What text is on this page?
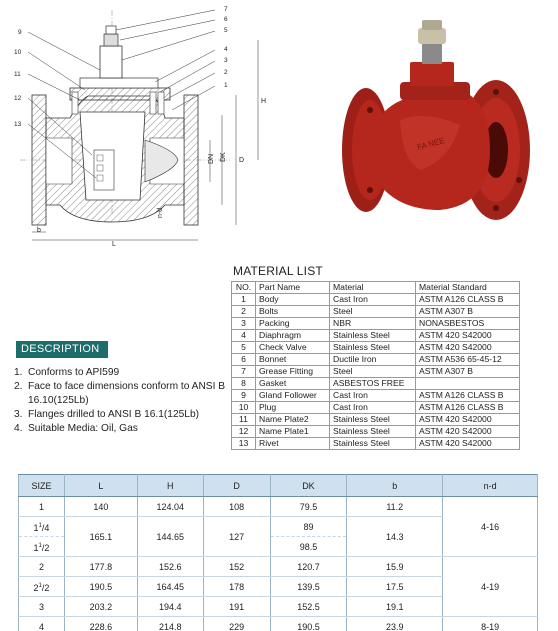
7
6
5
9
10
11
12
13
4
3
2
1
H
D
DK
DN
n-d
b
L
FA NEE
MATERIAL LIST
NO.	Part Name	Material	Material Standard
1	Body	Cast Iron	ASTM A126 CLASS B
2	Bolts	Steel	ASTM A307 B
3	Packing	NBR	NONASBESTOS
4	Diaphragm	Stainless Steel	ASTM 420 S42000
5	Check Valve	Stainless Steel	ASTM 420 S42000
6	Bonnet	Ductile Iron	ASTM A536 65-45-12
7	Grease Fitting	Steel	ASTM A307 B
8	Gasket	ASBESTOS FREE	
9	Gland Follower	Cast Iron	ASTM A126 CLASS B
10	Plug	Cast Iron	ASTM A126 CLASS B
11	Name Plate2	Stainless Steel	ASTM 420 S42000
12	Name Plate1	Stainless Steel	ASTM 420 S42000
13	Rivet	Stainless Steel	ASTM 420 S42000
DESCRIPTION
1. Conforms to API599
2. Face to face dimensions conform to ANSI B 16.10(125Lb)
3. Flanges drilled to ANSI B 16.1(125Lb)
4. Suitable Media: Oil, Gas
SIZE	L	H	D	DK	b	n-d
1	140	124.04	108	79.5	11.2	4-16
$1^1/4$	165.1	144.65	127	89	14.3	
$1^1/2$				98.5		
2	177.8	152.6	152	120.7	15.9	4-19
$2^1/2$	190.5	164.45	178	139.5	17.5	
3	203.2	194.4	191	152.5	19.1	
4	228.6	214.8	229	190.5	23.9	8-19
